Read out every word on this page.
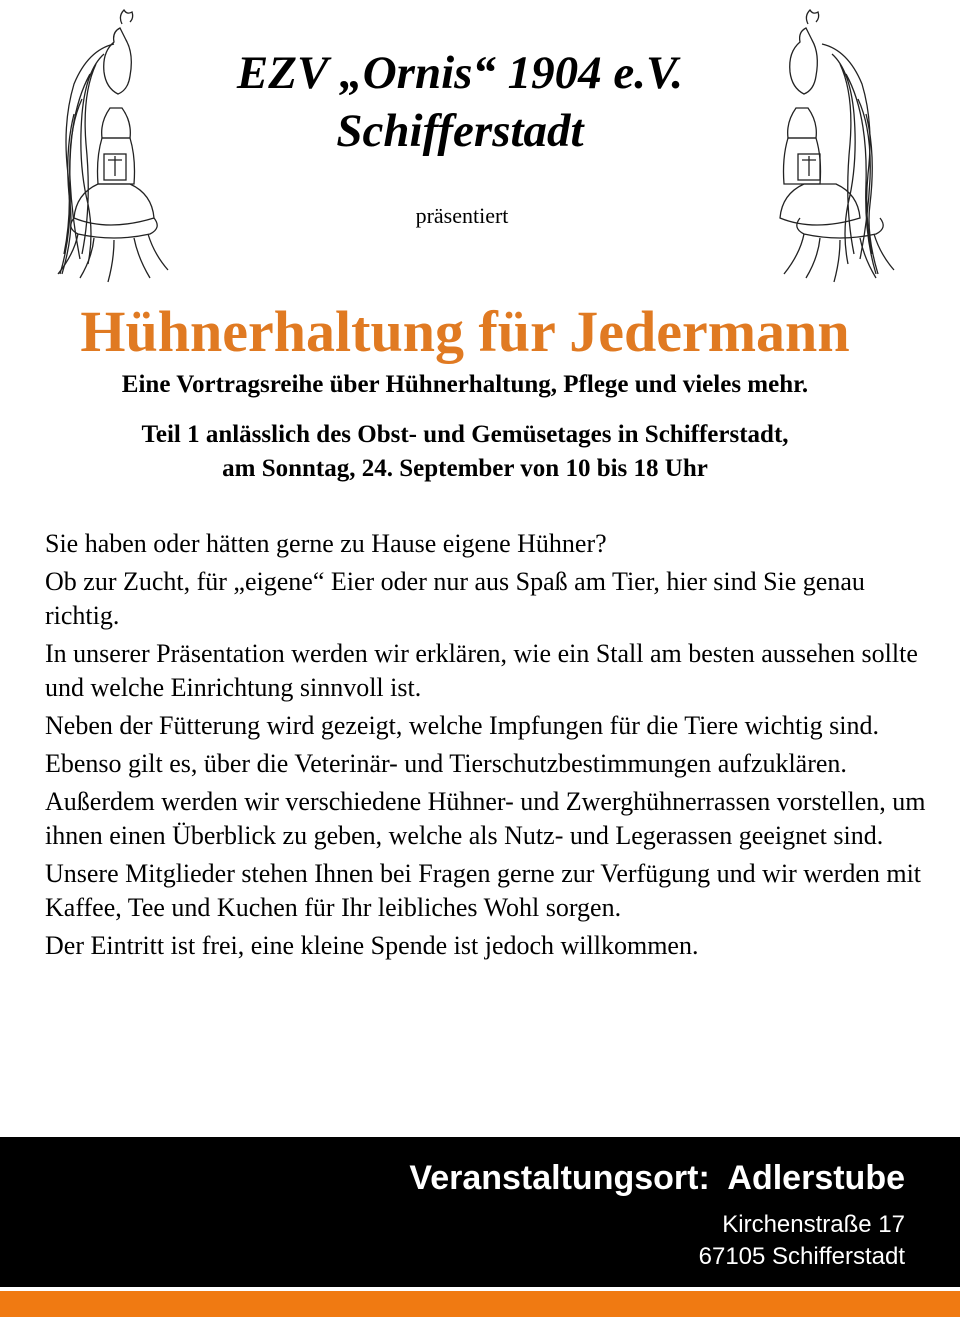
EZV „Ornis“ 1904 e.V.
Schifferstadt
präsentiert
Hühnerhaltung für Jedermann
Eine Vortragsreihe über Hühnerhaltung, Pflege und vieles mehr.
Teil 1 anlässlich des Obst- und Gemüsetages in Schifferstadt,
am Sonntag, 24. September von 10 bis 18 Uhr

Sie haben oder hätten gerne zu Hause eigene Hühner?

Ob zur Zucht, für „eigene“ Eier oder nur aus Spaß am Tier, hier sind Sie genau richtig.

In unserer Präsentation werden wir erklären, wie ein Stall am besten aussehen sollte und welche Einrichtung sinnvoll ist.

Neben der Fütterung wird gezeigt, welche Impfungen für die Tiere wichtig sind.

Ebenso gilt es, über die Veterinär- und Tierschutzbestimmungen aufzuklären.

Außerdem werden wir verschiedene Hühner- und Zwerghühnerrassen vorstellen, um ihnen einen Überblick zu geben, welche als Nutz- und Legerassen geeignet sind.

Unsere Mitglieder stehen Ihnen bei Fragen gerne zur Verfügung und wir werden mit Kaffee, Tee und Kuchen für Ihr leibliches Wohl sorgen.

Der Eintritt ist frei, eine kleine Spende ist jedoch willkommen.

Veranstaltungsort:  Adlerstube
Kirchenstraße 17
67105 Schifferstadt
